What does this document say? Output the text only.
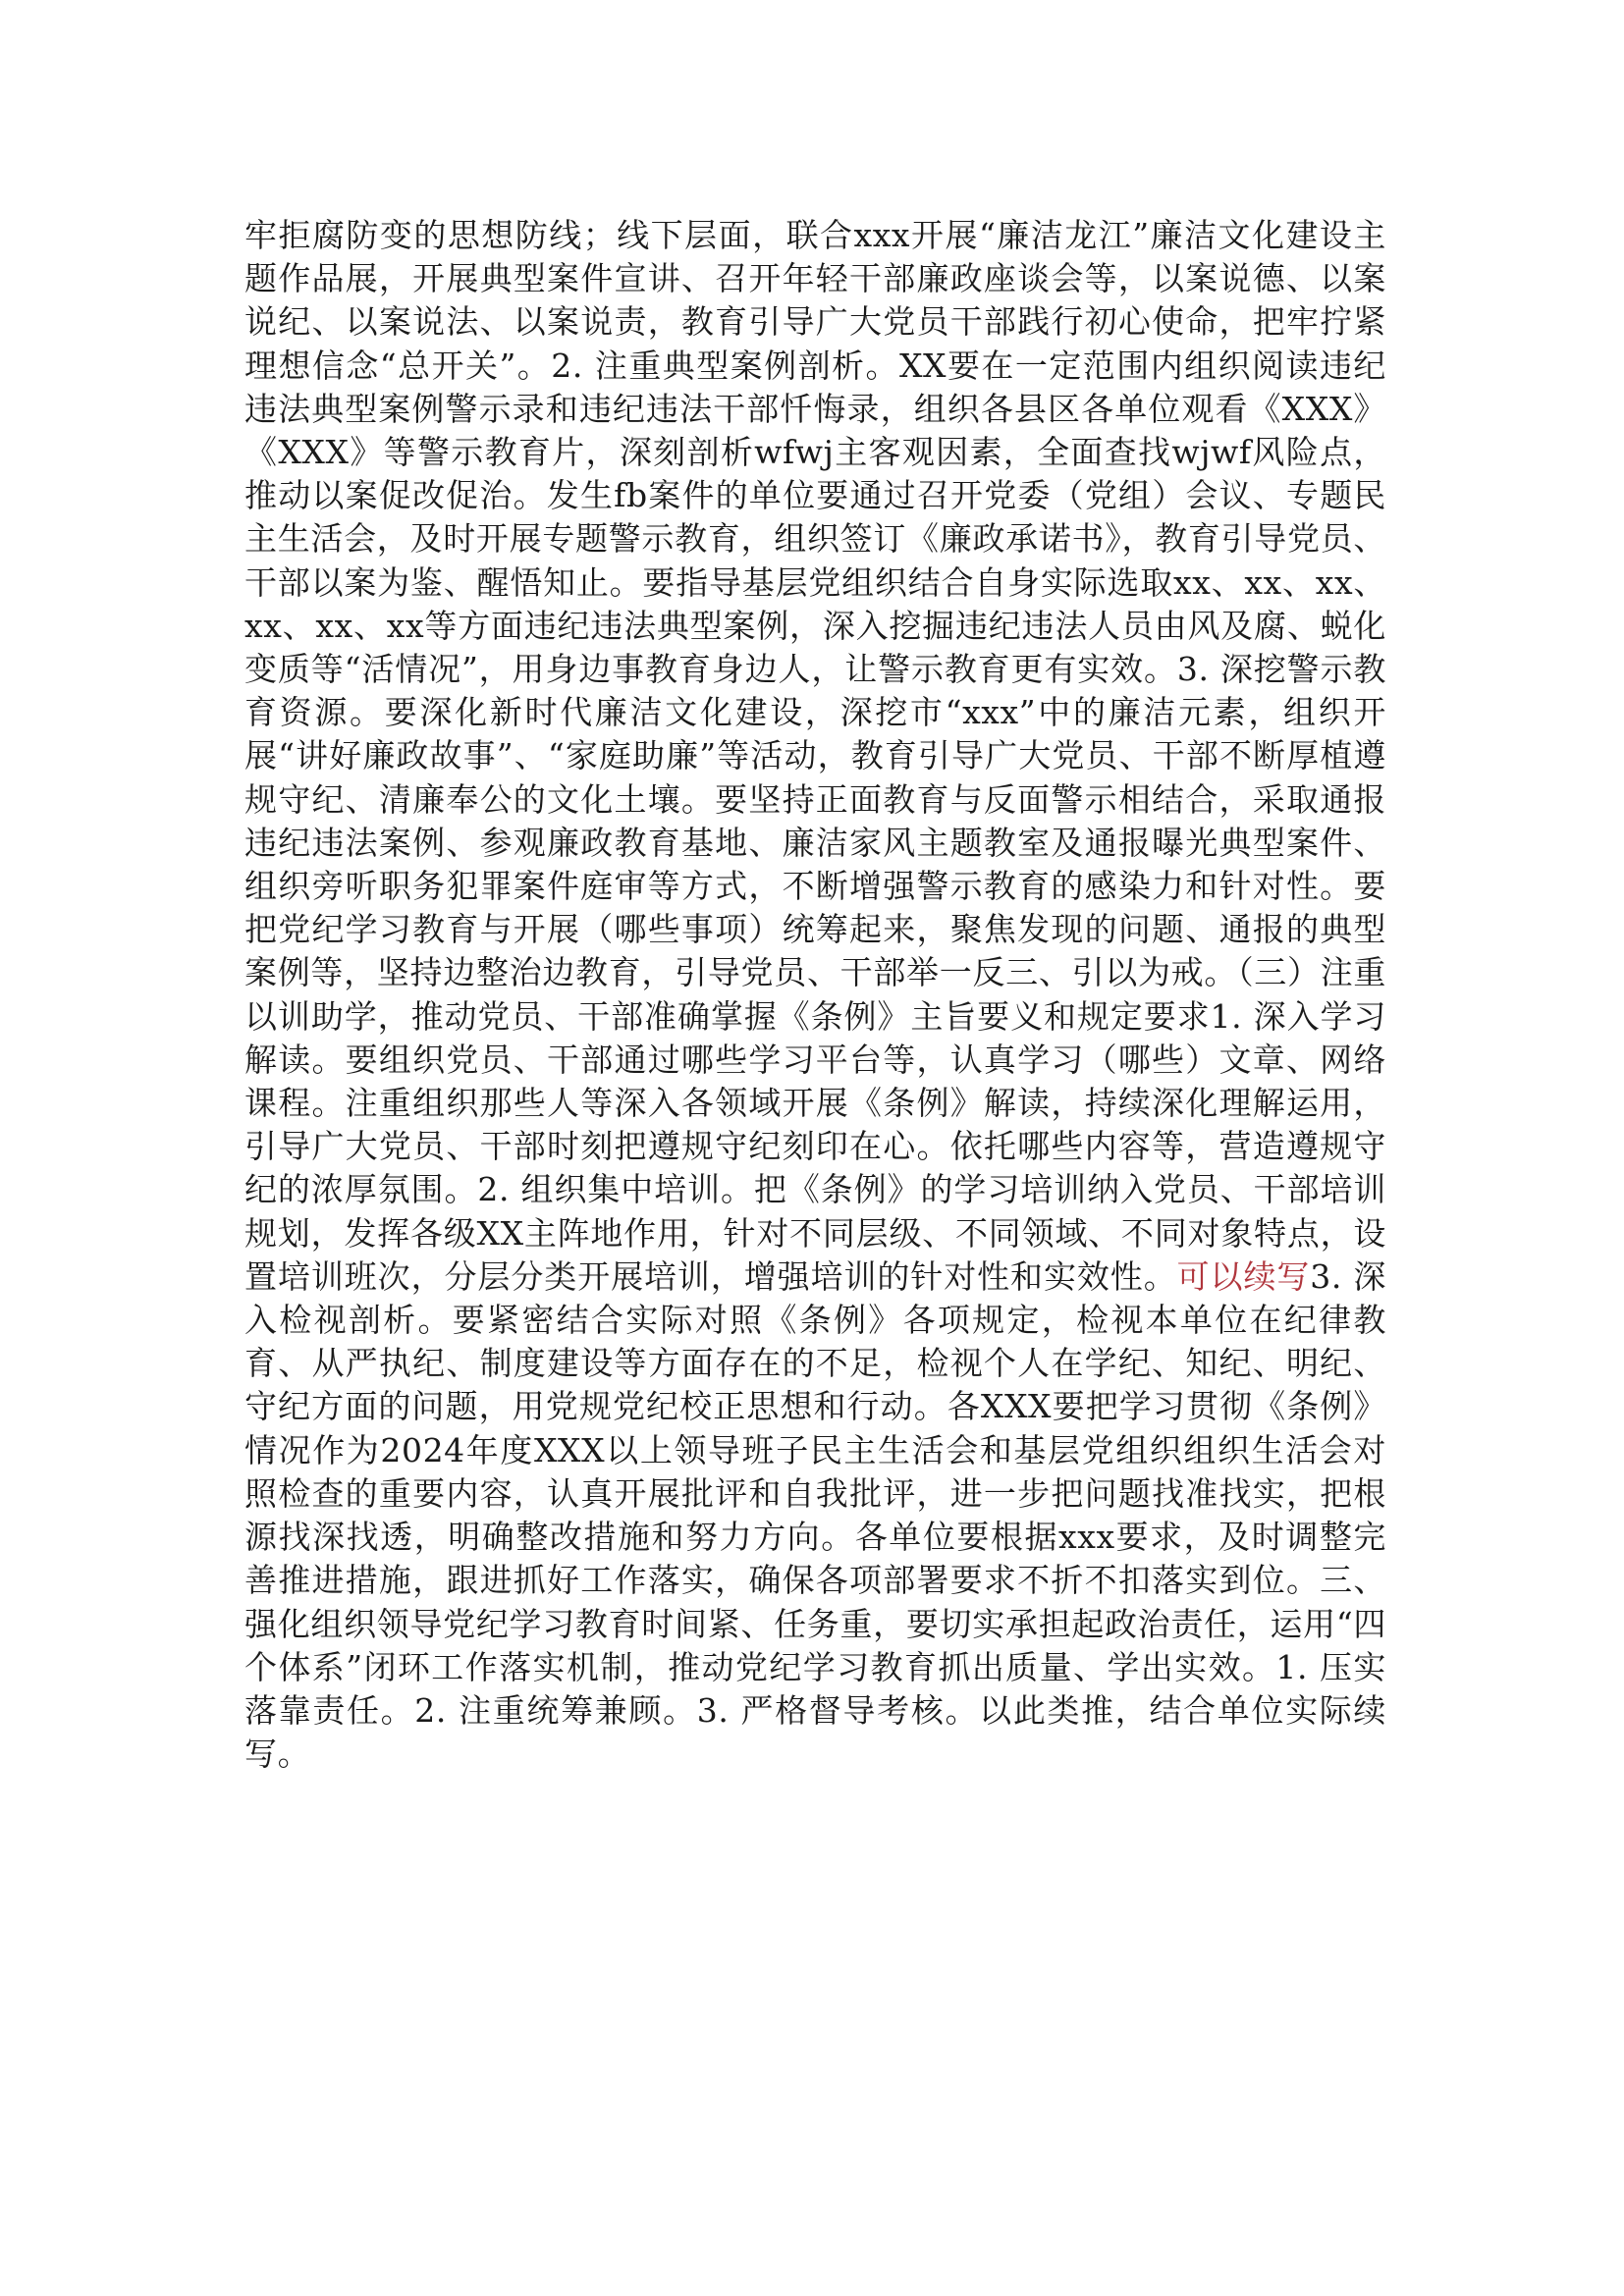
牢拒腐防变的思想防线；线下层面，联合xxx开展“廉洁龙江”廉洁文化建设主题作品展，开展典型案件宣讲、召开年轻干部廉政座谈会等，以案说德、以案说纪、以案说法、以案说责，教育引导广大党员干部践行初心使命，把牢拧紧理想信念“总开关”。2. 注重典型案例剖析。XX要在一定范围内组织阅读违纪违法典型案例警示录和违纪违法干部忏悔录，组织各县区各单位观看《XXX》《XXX》等警示教育片，深刻剖析wfwj主客观因素，全面查找wjwf风险点，推动以案促改促治。发生fb案件的单位要通过召开党委（党组）会议、专题民主生活会，及时开展专题警示教育，组织签订《廉政承诺书》，教育引导党员、干部以案为鉴、醒悟知止。要指导基层党组织结合自身实际选取xx、xx、xx、xx、xx、xx等方面违纪违法典型案例，深入挖掘违纪违法人员由风及腐、蜕化变质等“活情况”，用身边事教育身边人，让警示教育更有实效。3. 深挖警示教育资源。要深化新时代廉洁文化建设，深挖市“xxx”中的廉洁元素，组织开展“讲好廉政故事”、“家庭助廉”等活动，教育引导广大党员、干部不断厚植遵规守纪、清廉奉公的文化土壤。要坚持正面教育与反面警示相结合，采取通报违纪违法案例、参观廉政教育基地、廉洁家风主题教室及通报曝光典型案件、组织旁听职务犯罪案件庭审等方式，不断增强警示教育的感染力和针对性。要把党纪学习教育与开展（哪些事项）统筹起来，聚焦发现的问题、通报的典型案例等，坚持边整治边教育，引导党员、干部举一反三、引以为戒。（三）注重以训助学，推动党员、干部准确掌握《条例》主旨要义和规定要求1. 深入学习解读。要组织党员、干部通过哪些学习平台等，认真学习（哪些）文章、网络课程。注重组织那些人等深入各领域开展《条例》解读，持续深化理解运用，引导广大党员、干部时刻把遵规守纪刻印在心。依托哪些内容等，营造遵规守纪的浓厚氛围。2. 组织集中培训。把《条例》的学习培训纳入党员、干部培训规划，发挥各级XX主阵地作用，针对不同层级、不同领域、不同对象特点，设置培训班次，分层分类开展培训，增强培训的针对性和实效性。可以续写3. 深入检视剖析。要紧密结合实际对照《条例》各项规定，检视本单位在纪律教育、从严执纪、制度建设等方面存在的不足，检视个人在学纪、知纪、明纪、守纪方面的问题，用党规党纪校正思想和行动。各XXX要把学习贯彻《条例》情况作为2024年度XXX以上领导班子民主生活会和基层党组织组织生活会对照检查的重要内容，认真开展批评和自我批评，进一步把问题找准找实，把根源找深找透，明确整改措施和努力方向。各单位要根据xxx要求，及时调整完善推进措施，跟进抓好工作落实，确保各项部署要求不折不扣落实到位。三、强化组织领导党纪学习教育时间紧、任务重，要切实承担起政治责任，运用“四个体系”闭环工作落实机制，推动党纪学习教育抓出质量、学出实效。1. 压实落靠责任。2. 注重统筹兼顾。3. 严格督导考核。以此类推，结合单位实际续写。
